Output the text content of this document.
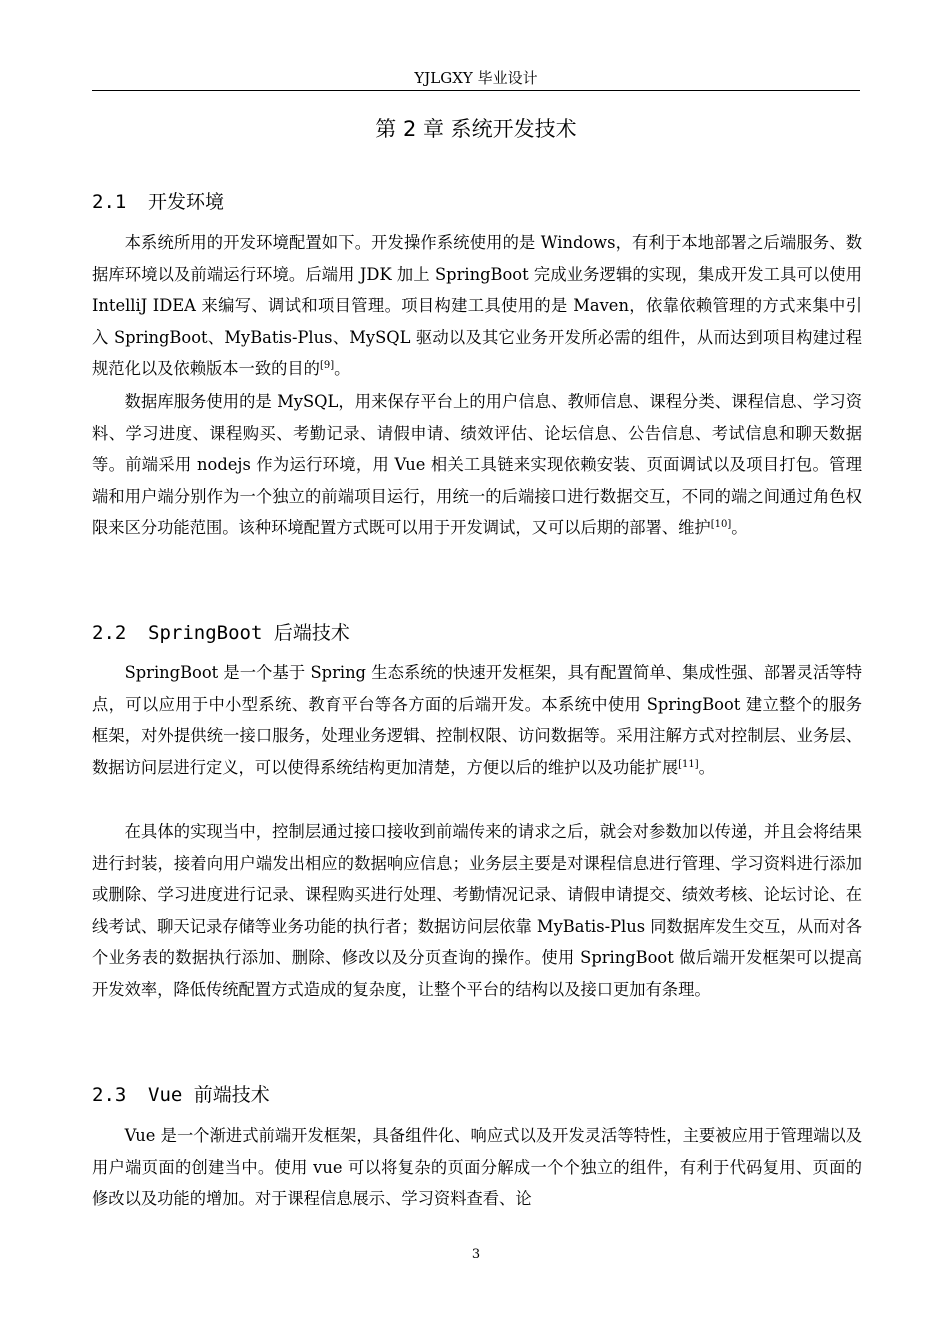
YJLGXY 毕业设计
第 2 章 系统开发技术
2.1 开发环境

本系统所用的开发环境配置如下。开发操作系统使用的是 Windows，有利于本地部署之后端服务、数据库环境以及前端运行环境。后端用 JDK 加上 SpringBoot 完成业务逻辑的实现，集成开发工具可以使用 IntelliJ IDEA 来编写、调试和项目管理。项目构建工具使用的是 Maven，依靠依赖管理的方式来集中引入 SpringBoot、MyBatis-Plus、MySQL 驱动以及其它业务开发所必需的组件，从而达到项目构建过程规范化以及依赖版本一致的目的[9]。

数据库服务使用的是 MySQL，用来保存平台上的用户信息、教师信息、课程分类、课程信息、学习资料、学习进度、课程购买、考勤记录、请假申请、绩效评估、论坛信息、公告信息、考试信息和聊天数据等。前端采用 nodejs 作为运行环境，用 Vue 相关工具链来实现依赖安装、页面调试以及项目打包。管理端和用户端分别作为一个独立的前端项目运行，用统一的后端接口进行数据交互，不同的端之间通过角色权限来区分功能范围。该种环境配置方式既可以用于开发调试，又可以后期的部署、维护[10]。

2.2 SpringBoot 后端技术

SpringBoot 是一个基于 Spring 生态系统的快速开发框架，具有配置简单、集成性强、部署灵活等特点，可以应用于中小型系统、教育平台等各方面的后端开发。本系统中使用 SpringBoot 建立整个的服务框架，对外提供统一接口服务，处理业务逻辑、控制权限、访问数据等。采用注解方式对控制层、业务层、数据访问层进行定义，可以使得系统结构更加清楚，方便以后的维护以及功能扩展[11]。

在具体的实现当中，控制层通过接口接收到前端传来的请求之后，就会对参数加以传递，并且会将结果进行封装，接着向用户端发出相应的数据响应信息；业务层主要是对课程信息进行管理、学习资料进行添加或删除、学习进度进行记录、课程购买进行处理、考勤情况记录、请假申请提交、绩效考核、论坛讨论、在线考试、聊天记录存储等业务功能的执行者；数据访问层依靠 MyBatis-Plus 同数据库发生交互，从而对各个业务表的数据执行添加、删除、修改以及分页查询的操作。使用 SpringBoot 做后端开发框架可以提高开发效率，降低传统配置方式造成的复杂度，让整个平台的结构以及接口更加有条理。

2.3 Vue 前端技术

Vue 是一个渐进式前端开发框架，具备组件化、响应式以及开发灵活等特性，主要被应用于管理端以及用户端页面的创建当中。使用 vue 可以将复杂的页面分解成一个个独立的组件，有利于代码复用、页面的修改以及功能的增加。对于课程信息展示、学习资料查看、论

3
